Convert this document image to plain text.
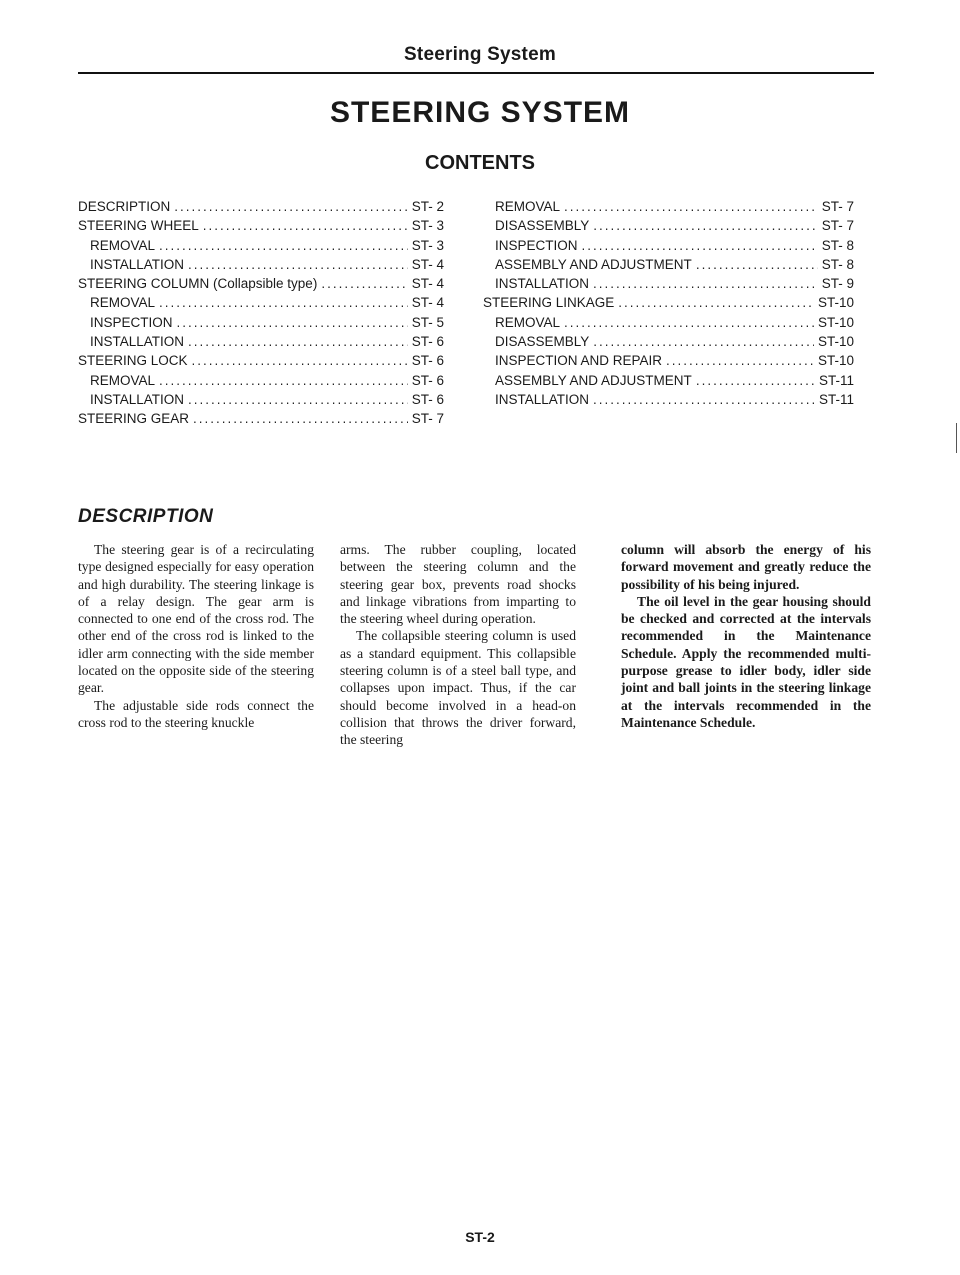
Steering System
STEERING SYSTEM
CONTENTS
DESCRIPTION .....	ST- 2
STEERING WHEEL .....	ST- 3
REMOVAL .....	ST- 3
INSTALLATION .....	ST- 4
STEERING COLUMN (Collapsible type) .....	ST- 4
REMOVAL .....	ST- 4
INSPECTION .....	ST- 5
INSTALLATION .....	ST- 6
STEERING LOCK .....	ST- 6
REMOVAL .....	ST- 6
INSTALLATION .....	ST- 6
STEERING GEAR .....	ST- 7
REMOVAL .....	ST- 7
DISASSEMBLY .....	ST- 7
INSPECTION .....	ST- 8
ASSEMBLY AND ADJUSTMENT .....	ST- 8
INSTALLATION .....	ST- 9
STEERING LINKAGE .....	ST-10
REMOVAL .....	ST-10
DISASSEMBLY .....	ST-10
INSPECTION AND REPAIR .....	ST-10
ASSEMBLY AND ADJUSTMENT .....	ST-11
INSTALLATION .....	ST-11
DESCRIPTION

The steering gear is of a recirculating type designed especially for easy operation and high durability. The steering linkage is of a relay design. The gear arm is connected to one end of the cross rod. The other end of the cross rod is linked to the idler arm connecting with the side member located on the opposite side of the steering gear.

The adjustable side rods connect the cross rod to the steering knuckle

arms. The rubber coupling, located between the steering column and the steering gear box, prevents road shocks and linkage vibrations from imparting to the steering wheel during operation.

The collapsible steering column is used as a standard equipment. This collapsible steering column is of a steel ball type, and collapses upon impact. Thus, if the car should become involved in a head-on collision that throws the driver forward, the steering

column will absorb the energy of his forward movement and greatly reduce the possibility of his being injured.

The oil level in the gear housing should be checked and corrected at the intervals recommended in the Maintenance Schedule. Apply the recommended multi-purpose grease to idler body, idler side joint and ball joints in the steering linkage at the intervals recommended in the Maintenance Schedule.

ST-2
